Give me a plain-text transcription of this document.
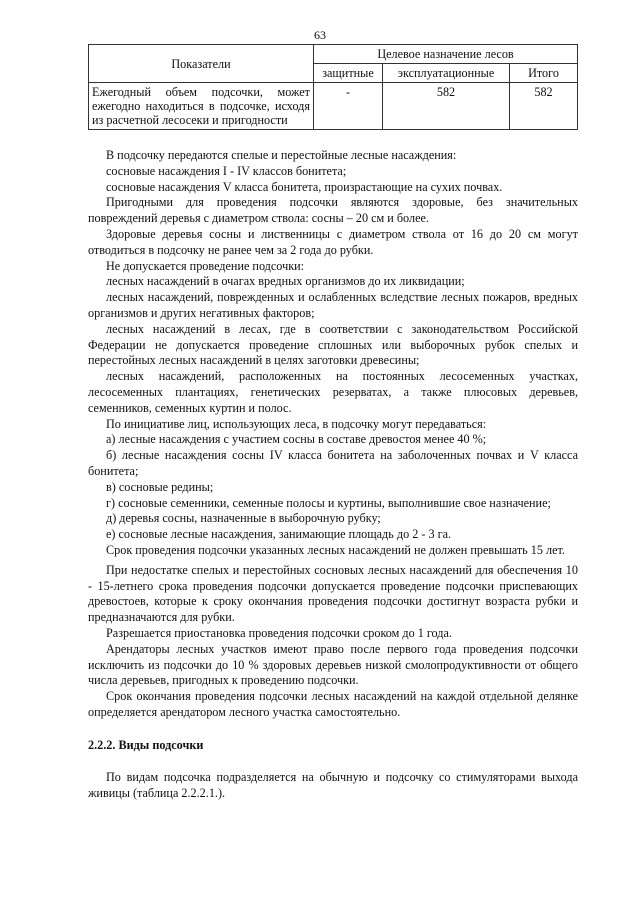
63
Показатели	Целевое назначение лесов		
	защитные	эксплуатационные	Итого
Ежегодный объем подсочки, может ежегодно находиться в подсочке, исходя из расчетной лесосеки и пригодности	-	582	582

В подсочку передаются спелые и перестойные лесные насаждения:

сосновые насаждения I - IV классов бонитета;

сосновые насаждения V класса бонитета, произрастающие на сухих почвах.

Пригодными для проведения подсочки являются здоровые, без значительных повреждений деревья с диаметром ствола: сосны – 20 см и более.

Здоровые деревья сосны и лиственницы с диаметром ствола от 16 до 20 см могут отводиться в подсочку не ранее чем за 2 года до рубки.

Не допускается проведение подсочки:

лесных насаждений в очагах вредных организмов до их ликвидации;

лесных насаждений, поврежденных и ослабленных вследствие лесных пожаров, вредных организмов и других негативных факторов;

лесных насаждений в лесах, где в соответствии с законодательством Российской Федерации не допускается проведение сплошных или выборочных рубок спелых и перестойных лесных насаждений в целях заготовки древесины;

лесных насаждений, расположенных на постоянных лесосеменных участках, лесосеменных плантациях, генетических резерватах, а также плюсовых деревьев, семенников, семенных куртин и полос.

По инициативе лиц, использующих леса, в подсочку могут передаваться:

а) лесные насаждения с участием сосны в составе древостоя менее 40 %;

б) лесные насаждения сосны IV класса бонитета на заболоченных почвах и V класса бонитета;

в) сосновые редины;

г) сосновые семенники, семенные полосы и куртины, выполнившие свое назначение;

д) деревья сосны, назначенные в выборочную рубку;

е) сосновые лесные насаждения, занимающие площадь до 2 - 3 га.

Срок проведения подсочки указанных лесных насаждений не должен превышать 15 лет.

При недостатке спелых и перестойных сосновых лесных насаждений для обеспечения 10 - 15-летнего срока проведения подсочки допускается проведение подсочки приспевающих древостоев, которые к сроку окончания проведения подсочки достигнут возраста рубки и предназначаются для рубки.

Разрешается приостановка проведения подсочки сроком до 1 года.

Арендаторы лесных участков имеют право после первого года проведения подсочки исключить из подсочки до 10 % здоровых деревьев низкой смолопродуктивности от общего числа деревьев, пригодных к проведению подсочки.

Срок окончания проведения подсочки лесных насаждений на каждой отдельной делянке определяется арендатором лесного участка самостоятельно.

2.2.2. Виды подсочки

По видам подсочка подразделяется на обычную и подсочку со стимуляторами выхода живицы (таблица 2.2.2.1.).
